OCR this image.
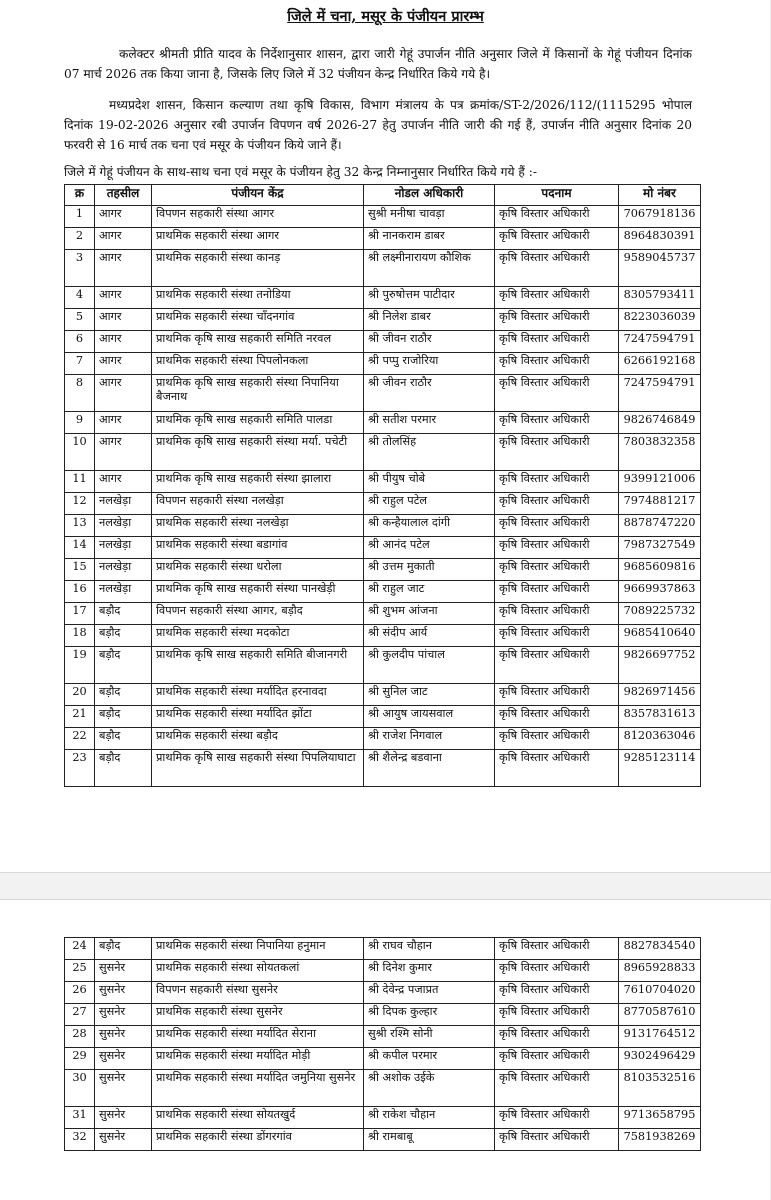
जिले में चना, मसूर के पंजीयन प्रारम्भ

कलेक्टर श्रीमती प्रीति यादव के निर्देशानुसार शासन, द्वारा जारी गेहूं उपार्जन नीति अनुसार जिले में किसानों के गेहूं पंजीयन दिनांक 07 मार्च 2026 तक किया जाना है, जिसके लिए जिले में 32 पंजीयन केन्द्र निर्धारित किये गये है।

मध्यप्रदेश शासन, किसान कल्याण तथा कृषि विकास, विभाग मंत्रालय के पत्र क्रमांक/ST-2/2026/112/(1115295 भोपाल दिनांक 19-02-2026 अनुसार रबी उपार्जन विपणन वर्ष 2026-27 हेतु उपार्जन नीति जारी की गई हैं, उपार्जन नीति अनुसार दिनांक 20 फरवरी से 16 मार्च तक चना एवं मसूर के पंजीयन किये जाने हैं।

जिले में गेहूं पंजीयन के साथ-साथ चना एवं मसूर के पंजीयन हेतु 32 केन्द्र निम्नानुसार निर्धारित किये गये हैं :-

क्र	तहसील	पंजीयन केंद्र	नोडल अधिकारी	पदनाम	मो नंबर
1	आगर	विपणन सहकारी संस्था आगर	सुश्री मनीषा चावड़ा	कृषि विस्तार अधिकारी	7067918136
2	आगर	प्राथमिक सहकारी संस्था आगर	श्री नानकराम डाबर	कृषि विस्तार अधिकारी	8964830391
3	आगर	प्राथमिक सहकारी संस्था कानड़	श्री लक्ष्मीनारायण कौशिक	कृषि विस्तार अधिकारी	9589045737
4	आगर	प्राथमिक सहकारी संस्था तनोडिया	श्री पुरुषोत्तम पाटीदार	कृषि विस्तार अधिकारी	8305793411
5	आगर	प्राथमिक सहकारी संस्था चाँदनगांव	श्री निलेश डाबर	कृषि विस्तार अधिकारी	8223036039
6	आगर	प्राथमिक कृषि साख सहकारी समिति नरवल	श्री जीवन राठौर	कृषि विस्तार अधिकारी	7247594791
7	आगर	प्राथमिक सहकारी संस्था पिपलोनकला	श्री पप्पु राजोरिया	कृषि विस्तार अधिकारी	6266192168
8	आगर	प्राथमिक कृषि साख सहकारी संस्था निपानिया बैजनाथ	श्री जीवन राठौर	कृषि विस्तार अधिकारी	7247594791
9	आगर	प्राथमिक कृषि साख सहकारी समिति पालडा	श्री सतीश परमार	कृषि विस्तार अधिकारी	9826746849
10	आगर	प्राथमिक कृषि साख सहकारी संस्था मर्या. पचेटी	श्री तोलसिंह	कृषि विस्तार अधिकारी	7803832358
11	आगर	प्राथमिक कृषि साख सहकारी संस्था झालारा	श्री पीयुष चोबे	कृषि विस्तार अधिकारी	9399121006
12	नलखेड़ा	विपणन सहकारी संस्था नलखेड़ा	श्री राहुल पटेल	कृषि विस्तार अधिकारी	7974881217
13	नलखेड़ा	प्राथमिक सहकारी संस्था नलखेड़ा	श्री कन्हैयालाल दांगी	कृषि विस्तार अधिकारी	8878747220
14	नलखेड़ा	प्राथमिक सहकारी संस्था बडागांव	श्री आनंद पटेल	कृषि विस्तार अधिकारी	7987327549
15	नलखेड़ा	प्राथमिक सहकारी संस्था धरोला	श्री उत्तम मुकाती	कृषि विस्तार अधिकारी	9685609816
16	नलखेड़ा	प्राथमिक कृषि साख सहकारी संस्था पानखेड़ी	श्री राहुल जाट	कृषि विस्तार अधिकारी	9669937863
17	बड़ौद	विपणन सहकारी संस्था आगर, बड़ौद	श्री शुभम आंजना	कृषि विस्तार अधिकारी	7089225732
18	बड़ौद	प्राथमिक सहकारी संस्था मदकोटा	श्री संदीप आर्य	कृषि विस्तार अधिकारी	9685410640
19	बड़ौद	प्राथमिक कृषि साख सहकारी समिति बीजानगरी	श्री कुलदीप पांचाल	कृषि विस्तार अधिकारी	9826697752
20	बड़ौद	प्राथमिक सहकारी संस्था मर्यादित हरनावदा	श्री सुनिल जाट	कृषि विस्तार अधिकारी	9826971456
21	बड़ौद	प्राथमिक सहकारी संस्था मर्यादित झोंटा	श्री आयुष जायसवाल	कृषि विस्तार अधिकारी	8357831613
22	बड़ौद	प्राथमिक सहकारी संस्था बड़ौद	श्री राजेश निगवाल	कृषि विस्तार अधिकारी	8120363046
23	बड़ौद	प्राथमिक कृषि साख सहकारी संस्था पिपलियाघाटा	श्री शैलेन्द्र बडवाना	कृषि विस्तार अधिकारी	9285123114
24	बड़ौद	प्राथमिक सहकारी संस्था निपानिया हनुमान	श्री राघव चौहान	कृषि विस्तार अधिकारी	8827834540
25	सुसनेर	प्राथमिक सहकारी संस्था सोयतकलां	श्री दिनेश कुमार	कृषि विस्तार अधिकारी	8965928833
26	सुसनेर	विपणन सहकारी संस्था सुसनेर	श्री देवेन्द्र पजाप्रत	कृषि विस्तार अधिकारी	7610704020
27	सुसनेर	प्राथमिक सहकारी संस्था सुसनेर	श्री दिपक कुल्हार	कृषि विस्तार अधिकारी	8770587610
28	सुसनेर	प्राथमिक सहकारी संस्था मर्यादित सेराना	सुश्री रश्मि सोनी	कृषि विस्तार अधिकारी	9131764512
29	सुसनेर	प्राथमिक सहकारी संस्था मर्यादित मोड़ी	श्री कपील परमार	कृषि विस्तार अधिकारी	9302496429
30	सुसनेर	प्राथमिक सहकारी संस्था मर्यादित जमुनिया सुसनेर	श्री अशोक उईके	कृषि विस्तार अधिकारी	8103532516
31	सुसनेर	प्राथमिक सहकारी संस्था सोयतखुर्द	श्री राकेश चौहान	कृषि विस्तार अधिकारी	9713658795
32	सुसनेर	प्राथमिक सहकारी संस्था डोंगरगांव	श्री रामबाबू	कृषि विस्तार अधिकारी	7581938269
